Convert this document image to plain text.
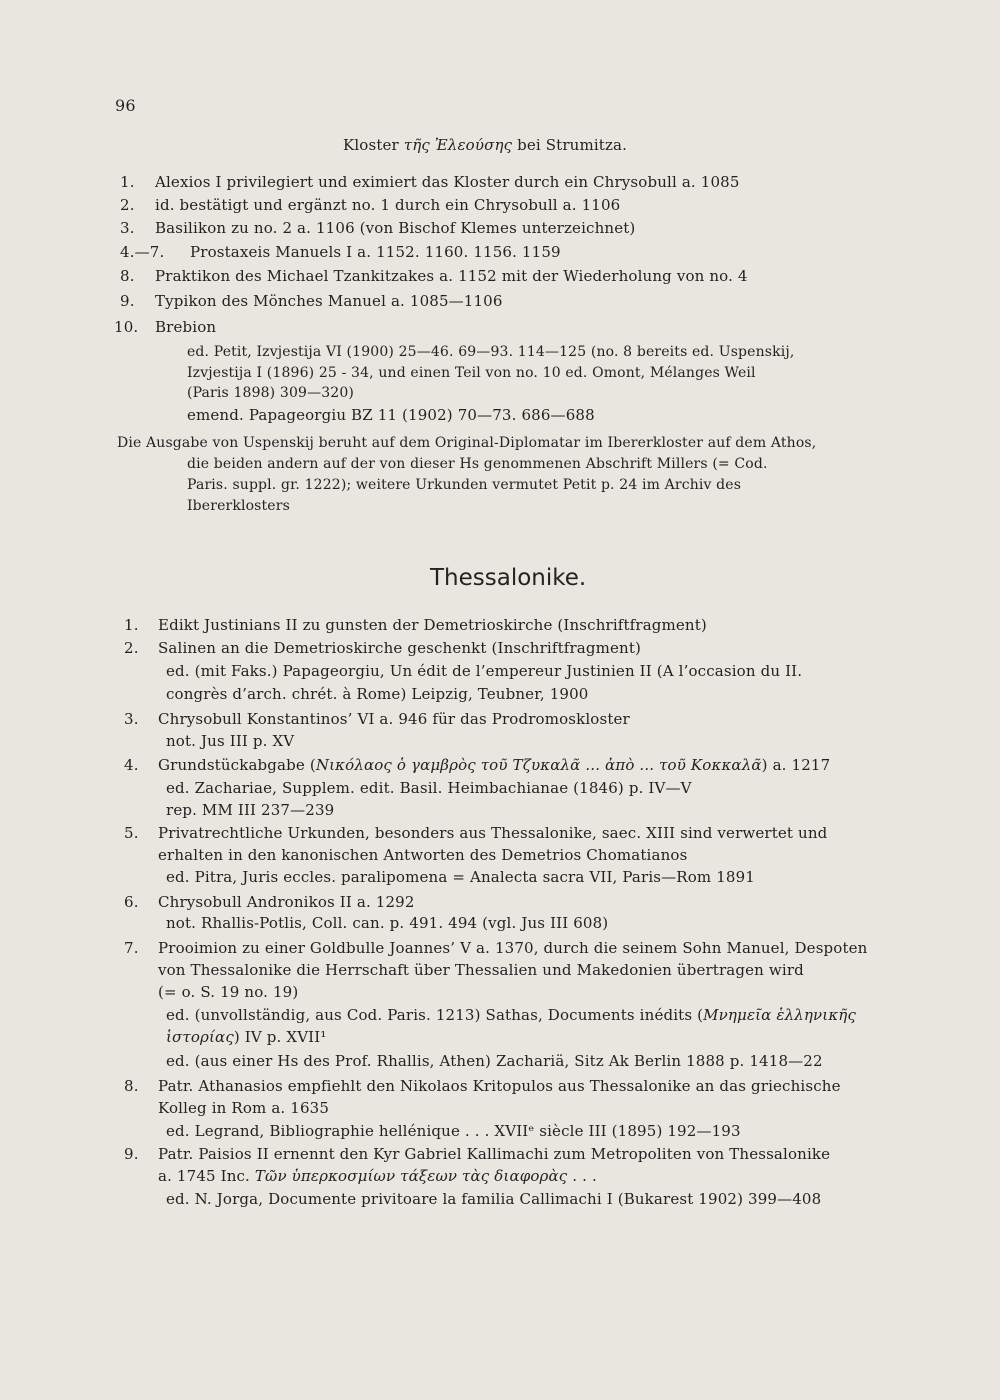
96
Kloster τῆς Ἐλεούσης bei Strumitza.
1. Alexios I privilegiert und eximiert das Kloster durch ein Chrysobull a. 1085
2. id. bestätigt und ergänzt no. 1 durch ein Chrysobull a. 1106
3. Basilikon zu no. 2 a. 1106 (von Bischof Klemes unterzeichnet)
4.—7. Prostaxeis Manuels I a. 1152. 1160. 1156. 1159
8. Praktikon des Michael Tzankitzakes a. 1152 mit der Wiederholung von no. 4
9. Typikon des Mönches Manuel a. 1085—1106
10. Brebion
ed. Petit, Izvjestija VI (1900) 25—46. 69—93. 114—125 (no. 8 bereits ed. Uspenskij,
Izvjestija I (1896) 25 - 34, und einen Teil von no. 10 ed. Omont, Mélanges Weil
(Paris 1898) 309—320)
emend. Papageorgiu BZ 11 (1902) 70—73. 686—688
Die Ausgabe von Uspenskij beruht auf dem Original-Diplomatar im Ibererkloster auf dem Athos,
die beiden andern auf der von dieser Hs genommenen Abschrift Millers (= Cod.
Paris. suppl. gr. 1222); weitere Urkunden vermutet Petit p. 24 im Archiv des
Ibererklosters
Thessalonike.
1. Edikt Justinians II zu gunsten der Demetrioskirche (Inschriftfragment)
2. Salinen an die Demetrioskirche geschenkt (Inschriftfragment)
ed. (mit Faks.) Papageorgiu, Un édit de l’empereur Justinien II (A l’occasion du II.
congrès d’arch. chrét. à Rome) Leipzig, Teubner, 1900
3. Chrysobull Konstantinos’ VI a. 946 für das Prodromoskloster
not. Jus III p. XV
4. Grundstückabgabe (Νικόλαος ὁ γαμβρὸς τοῦ Τζυκαλᾶ ... ἀπὸ ... τοῦ Κοκκαλᾶ) a. 1217
ed. Zachariae, Supplem. edit. Basil. Heimbachianae (1846) p. IV—V
rep. MM III 237—239
5. Privatrechtliche Urkunden, besonders aus Thessalonike, saec. XIII sind verwertet und
erhalten in den kanonischen Antworten des Demetrios Chomatianos
ed. Pitra, Juris eccles. paralipomena = Analecta sacra VII, Paris—Rom 1891
6. Chrysobull Andronikos II a. 1292
not. Rhallis-Potlis, Coll. can. p. 491. 494 (vgl. Jus III 608)
7. Prooimion zu einer Goldbulle Joannes’ V a. 1370, durch die seinem Sohn Manuel, Despoten
von Thessalonike die Herrschaft über Thessalien und Makedonien übertragen wird
(= o. S. 19 no. 19)
ed. (unvollständig, aus Cod. Paris. 1213) Sathas, Documents inédits (Μνημεῖα ἑλληνικῆς
ἱστορίας) IV p. XVII¹
ed. (aus einer Hs des Prof. Rhallis, Athen) Zachariä, Sitz Ak Berlin 1888 p. 1418—22
8. Patr. Athanasios empfiehlt den Nikolaos Kritopulos aus Thessalonike an das griechische
Kolleg in Rom a. 1635
ed. Legrand, Bibliographie hellénique . . . XVIIᵉ siècle III (1895) 192—193
9. Patr. Paisios II ernennt den Kyr Gabriel Kallimachi zum Metropoliten von Thessalonike
a. 1745 Inc. Τῶν ὑπερκοσμίων τάξεων τὰς διαφορὰς . . .
ed. N. Jorga, Documente privitoare la familia Callimachi I (Bukarest 1902) 399—408
